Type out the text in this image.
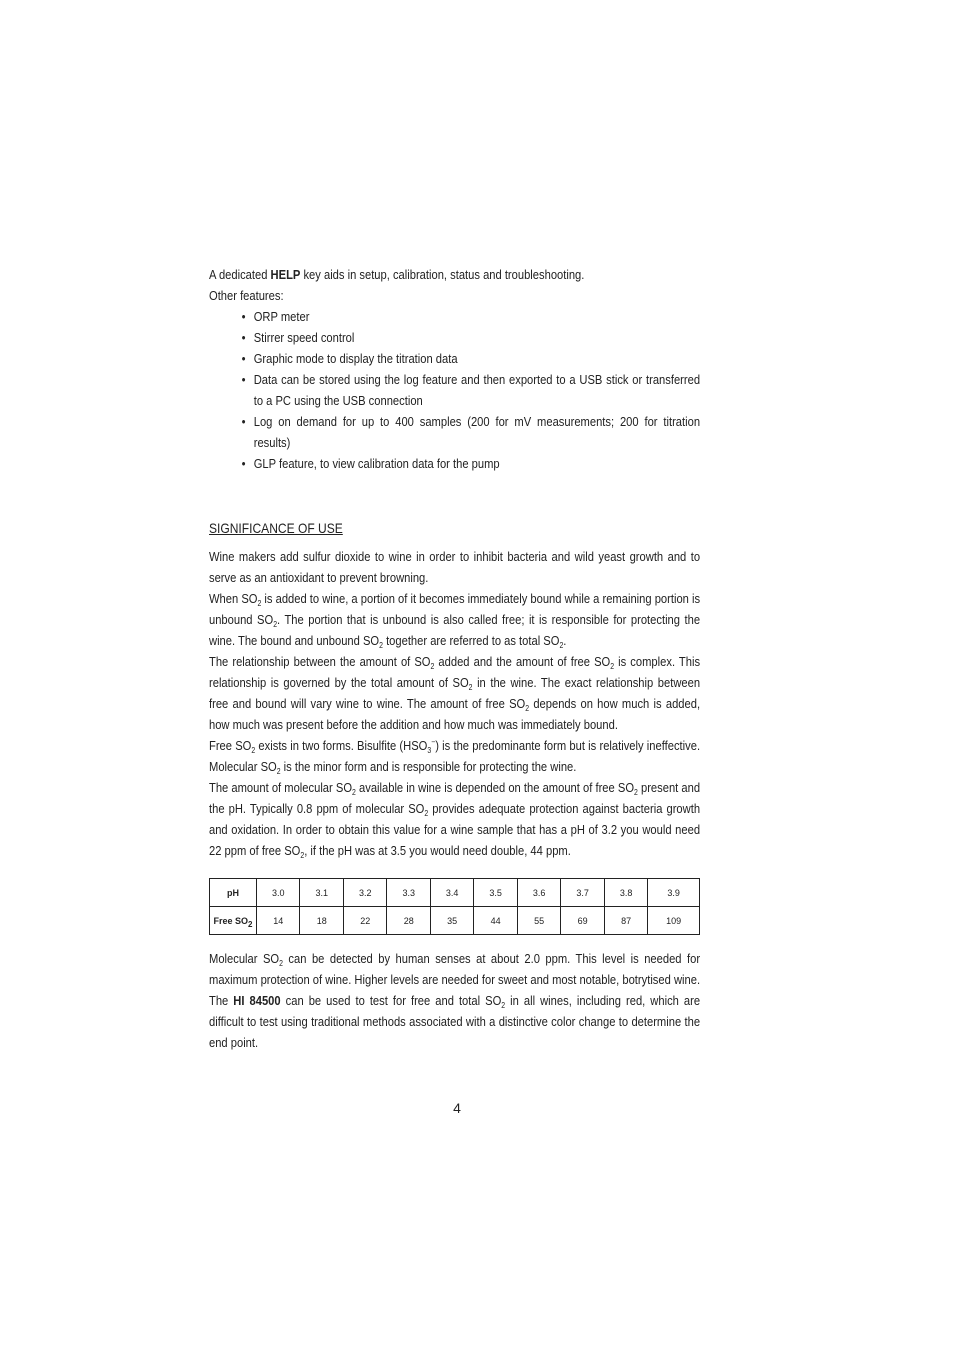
A dedicated HELP key aids in setup, calibration, status and troubleshooting.

Other features:

• ORP meter
• Stirrer speed control
• Graphic mode to display the titration data
• Data can be stored using the log feature and then exported to a USB stick or transferred to a PC using the USB connection
• Log on demand for up to 400 samples (200 for mV measurements; 200 for titration results)
• GLP feature, to view calibration data for the pump

SIGNIFICANCE OF USE

Wine makers add sulfur dioxide to wine in order to inhibit bacteria and wild yeast growth and to serve as an antioxidant to prevent browning.

When $SO_2$ is added to wine, a portion of it becomes immediately bound while a remaining portion is unbound $SO_2$. The portion that is unbound is also called free; it is responsible for protecting the wine. The bound and unbound $SO_2$ together are referred to as total $SO_2$.

The relationship between the amount of $SO_2$ added and the amount of free $SO_2$ is complex. This relationship is governed by the total amount of $SO_2$ in the wine. The exact relationship between free and bound will vary wine to wine. The amount of free $SO_2$ depends on how much is added, how much was present before the addition and how much was immediately bound.

Free $SO_2$ exists in two forms. Bisulfite $(HSO_3^-)$ is the predominante form but is relatively ineffective. Molecular $SO_2$ is the minor form and is responsible for protecting the wine.

The amount of molecular $SO_2$ available in wine is depended on the amount of free $SO_2$ present and the pH. Typically 0.8 ppm of molecular $SO_2$ provides adequate protection against bacteria growth and oxidation. In order to obtain this value for a wine sample that has a pH of 3.2 you would need 22 ppm of free $SO_2$, if the pH was at 3.5 you would need double, 44 ppm.

pH	3.0	3.1	3.2	3.3	3.4	3.5	3.6	3.7	3.8	3.9
Free $SO_2$	14	18	22	28	35	44	55	69	87	109

Molecular $SO_2$ can be detected by human senses at about 2.0 ppm. This level is needed for maximum protection of wine. Higher levels are needed for sweet and most notable, botrytised wine. The HI 84500 can be used to test for free and total $SO_2$ in all wines, including red, which are difficult to test using traditional methods associated with a distinctive color change to determine the end point.

4
